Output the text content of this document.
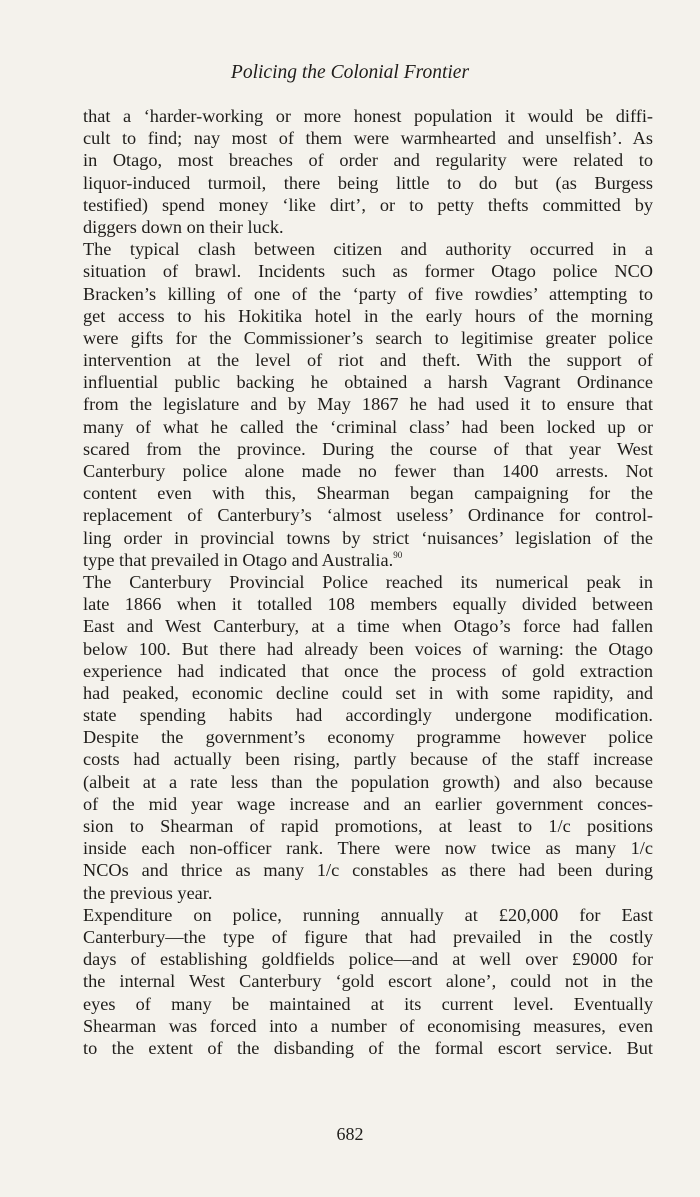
Policing the Colonial Frontier
that a ‘harder-working or more honest population it would be diffi-
cult to find; nay most of them were warmhearted and unselfish’. As
in Otago, most breaches of order and regularity were related to
liquor-induced turmoil, there being little to do but (as Burgess
testified) spend money ‘like dirt’, or to petty thefts committed by
diggers down on their luck.
The typical clash between citizen and authority occurred in a
situation of brawl. Incidents such as former Otago police NCO
Bracken’s killing of one of the ‘party of five rowdies’ attempting to
get access to his Hokitika hotel in the early hours of the morning
were gifts for the Commissioner’s search to legitimise greater police
intervention at the level of riot and theft. With the support of
influential public backing he obtained a harsh Vagrant Ordinance
from the legislature and by May 1867 he had used it to ensure that
many of what he called the ‘criminal class’ had been locked up or
scared from the province. During the course of that year West
Canterbury police alone made no fewer than 1400 arrests. Not
content even with this, Shearman began campaigning for the
replacement of Canterbury’s ‘almost useless’ Ordinance for control-
ling order in provincial towns by strict ‘nuisances’ legislation of the
type that prevailed in Otago and Australia.$^{90}$
The Canterbury Provincial Police reached its numerical peak in
late 1866 when it totalled 108 members equally divided between
East and West Canterbury, at a time when Otago’s force had fallen
below 100. But there had already been voices of warning: the Otago
experience had indicated that once the process of gold extraction
had peaked, economic decline could set in with some rapidity, and
state spending habits had accordingly undergone modification.
Despite the government’s economy programme however police
costs had actually been rising, partly because of the staff increase
(albeit at a rate less than the population growth) and also because
of the mid year wage increase and an earlier government conces-
sion to Shearman of rapid promotions, at least to 1/c positions
inside each non-officer rank. There were now twice as many 1/c
NCOs and thrice as many 1/c constables as there had been during
the previous year.
Expenditure on police, running annually at £20,000 for East
Canterbury—the type of figure that had prevailed in the costly
days of establishing goldfields police—and at well over £9000 for
the internal West Canterbury ‘gold escort alone’, could not in the
eyes of many be maintained at its current level. Eventually
Shearman was forced into a number of economising measures, even
to the extent of the disbanding of the formal escort service. But
682
